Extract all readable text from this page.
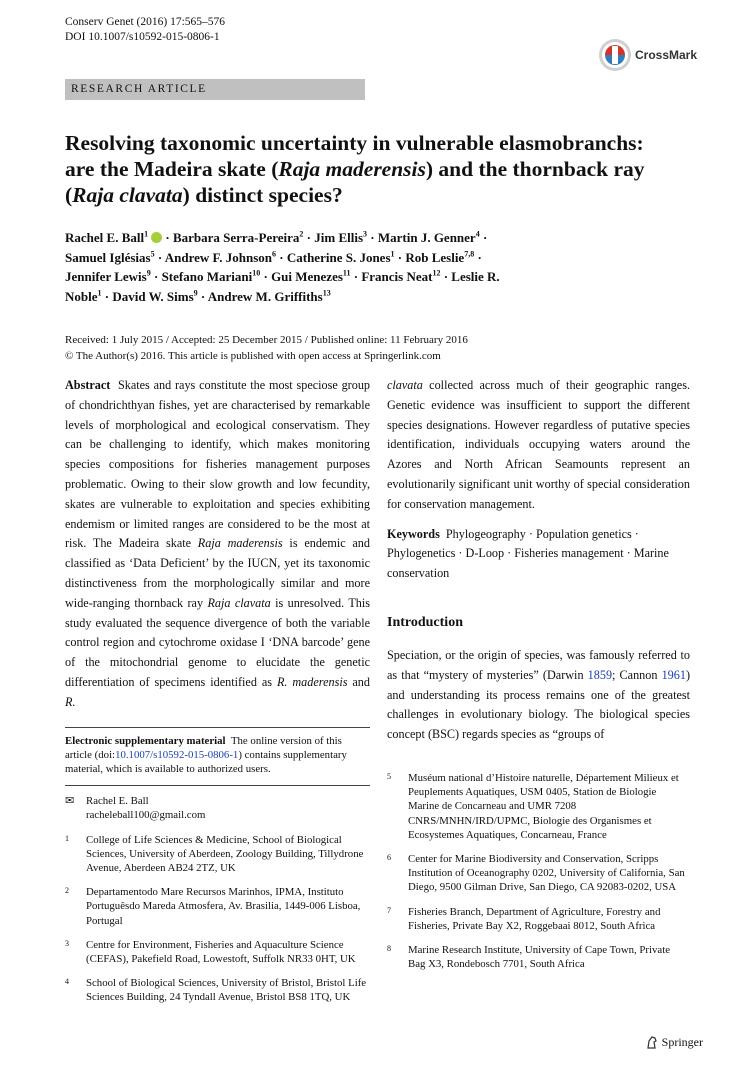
Conserv Genet (2016) 17:565–576
DOI 10.1007/s10592-015-0806-1
CrossMark
RESEARCH ARTICLE
Resolving taxonomic uncertainty in vulnerable elasmobranchs:
are the Madeira skate (Raja maderensis) and the thornback ray
(Raja clavata) distinct species?
Rachel E. Ball$^1$ · Barbara Serra-Pereira$^2$ · Jim Ellis$^3$ · Martin J. Genner$^4$ · Samuel Iglésias$^5$ · Andrew F. Johnson$^6$ · Catherine S. Jones$^1$ · Rob Leslie$^{7,8}$ · Jennifer Lewis$^9$ · Stefano Mariani$^{10}$ · Gui Menezes$^{11}$ · Francis Neat$^{12}$ · Leslie R. Noble$^1$ · David W. Sims$^9$ · Andrew M. Griffiths$^{13}$
Received: 1 July 2015 / Accepted: 25 December 2015 / Published online: 11 February 2016
© The Author(s) 2016. This article is published with open access at Springerlink.com
Abstract Skates and rays constitute the most speciose group of chondrichthyan fishes, yet are characterised by remarkable levels of morphological and ecological conservatism. They can be challenging to identify, which makes monitoring species compositions for fisheries management purposes problematic. Owing to their slow growth and low fecundity, skates are vulnerable to exploitation and species exhibiting endemism or limited ranges are considered to be the most at risk. The Madeira skate Raja maderensis is endemic and classified as ‘Data Deficient’ by the IUCN, yet its taxonomic distinctiveness from the morphologically similar and more wide-ranging thornback ray Raja clavata is unresolved. This study evaluated the sequence divergence of both the variable control region and cytochrome oxidase I ‘DNA barcode’ gene of the mitochondrial genome to elucidate the genetic differentiation of specimens identified as R. maderensis and R.
Electronic supplementary material The online version of this article (doi:10.1007/s10592-015-0806-1) contains supplementary material, which is available to authorized users.
✉	Rachel E. Ball
racheleball100@gmail.com
1	College of Life Sciences & Medicine, School of Biological Sciences, University of Aberdeen, Zoology Building, Tillydrone Avenue, Aberdeen AB24 2TZ, UK
2	Departamentodo Mare Recursos Marinhos, IPMA, Instituto Portuguêsdo Mareda Atmosfera, Av. Brasilia, 1449-006 Lisboa, Portugal
3	Centre for Environment, Fisheries and Aquaculture Science (CEFAS), Pakefield Road, Lowestoft, Suffolk NR33 0HT, UK
4	School of Biological Sciences, University of Bristol, Bristol Life Sciences Building, 24 Tyndall Avenue, Bristol BS8 1TQ, UK
clavata collected across much of their geographic ranges. Genetic evidence was insufficient to support the different species designations. However regardless of putative species identification, individuals occupying waters around the Azores and North African Seamounts represent an evolutionarily significant unit worthy of special consideration for conservation management.
Keywords Phylogeography · Population genetics · Phylogenetics · D-Loop · Fisheries management · Marine conservation
Introduction
Speciation, or the origin of species, was famously referred to as that “mystery of mysteries” (Darwin 1859; Cannon 1961) and understanding its process remains one of the greatest challenges in evolutionary biology. The biological species concept (BSC) regards species as “groups of
5	Muséum national d’Histoire naturelle, Département Milieux et Peuplements Aquatiques, USM 0405, Station de Biologie Marine de Concarneau and UMR 7208 CNRS/MNHN/IRD/UPMC, Biologie des Organismes et Ecosystemes Aquatiques, Concarneau, France
6	Center for Marine Biodiversity and Conservation, Scripps Institution of Oceanography 0202, University of California, San Diego, 9500 Gilman Drive, San Diego, CA 92083-0202, USA
7	Fisheries Branch, Department of Agriculture, Forestry and Fisheries, Private Bay X2, Roggebaai 8012, South Africa
8	Marine Research Institute, University of Cape Town, Private Bag X3, Rondebosch 7701, South Africa
Springer
